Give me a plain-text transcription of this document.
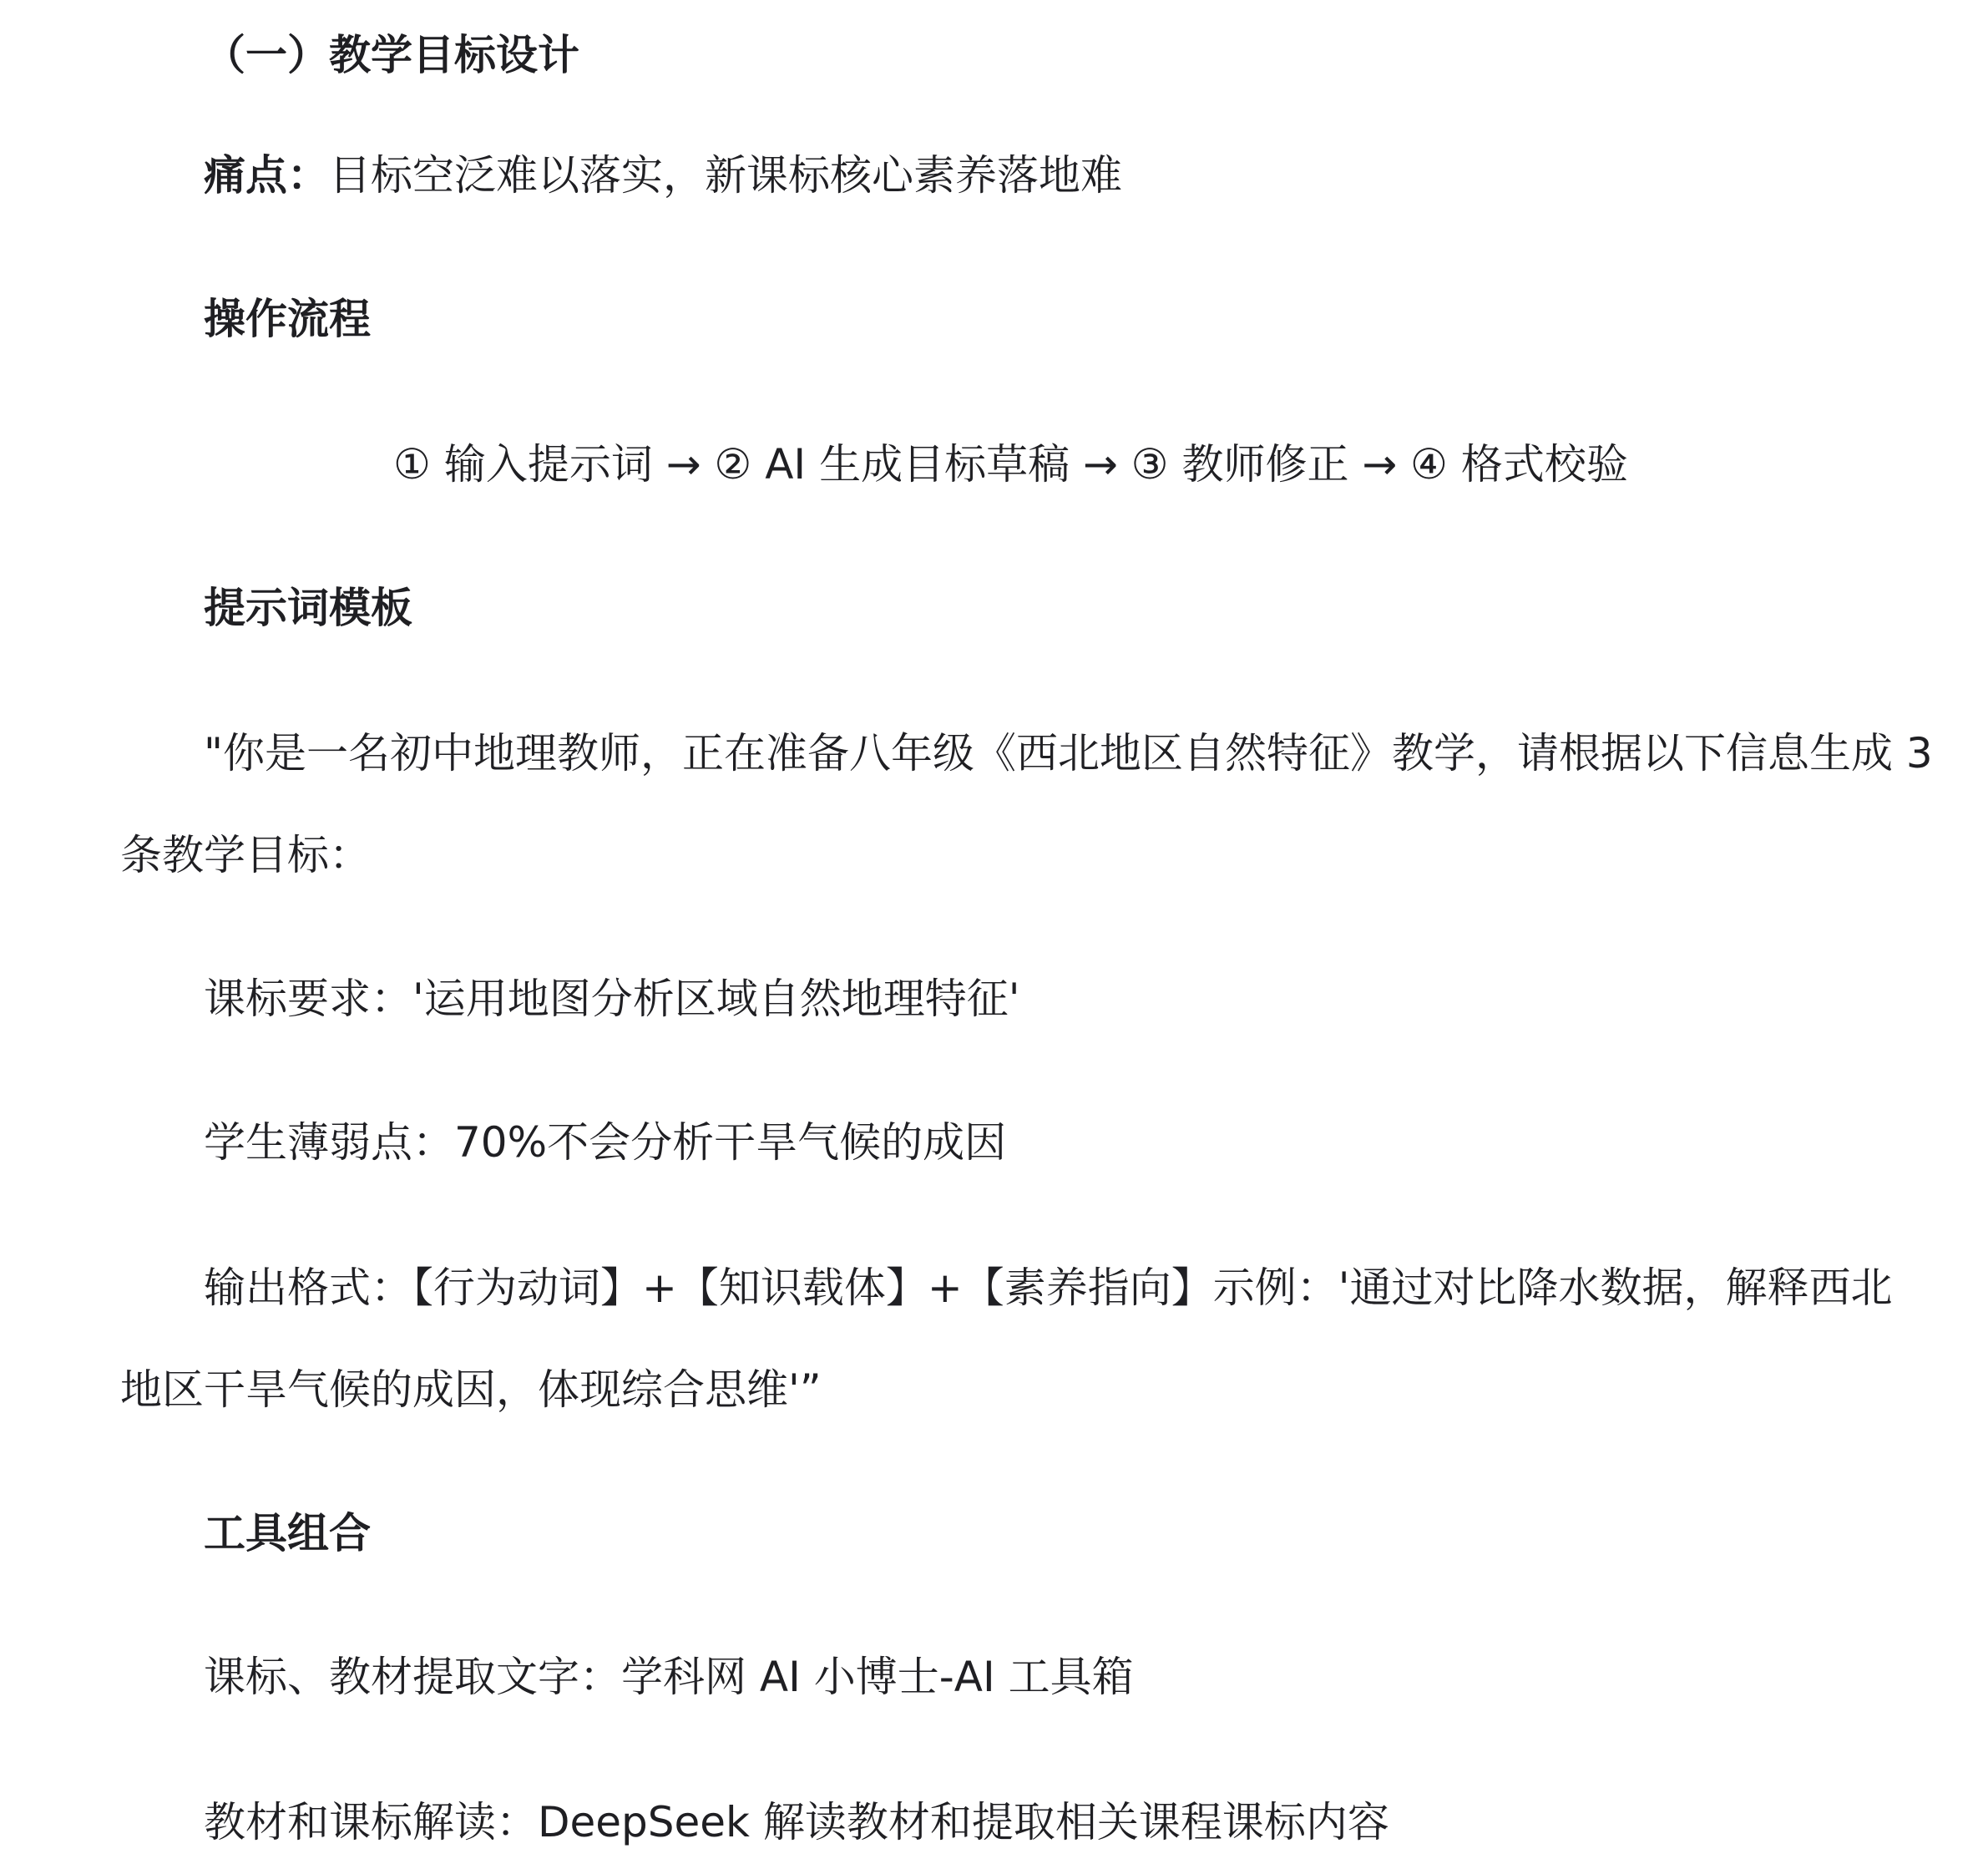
（一）教学目标设计
痛点：目标空泛难以落实，新课标核心素养落地难
操作流程
① 输入提示词 → ② AI 生成目标草稿 → ③ 教师修正 → ④ 格式校验
提示词模板
"你是一名初中地理教师，正在准备八年级《西北地区自然特征》教学，请根据以下信息生成 3
条教学目标：
课标要求：'运用地图分析区域自然地理特征'
学生薄弱点：70%不会分析干旱气候的成因
输出格式：【行为动词】+【知识载体】+【素养指向】示例：'通过对比降水数据，解释西北
地区干旱气候的成因，体现综合思维'”
工具组合
课标、教材提取文字：学科网 AI 小博士-AI 工具箱
教材和课标解读：DeepSeek 解读教材和提取相关课程课标内容
